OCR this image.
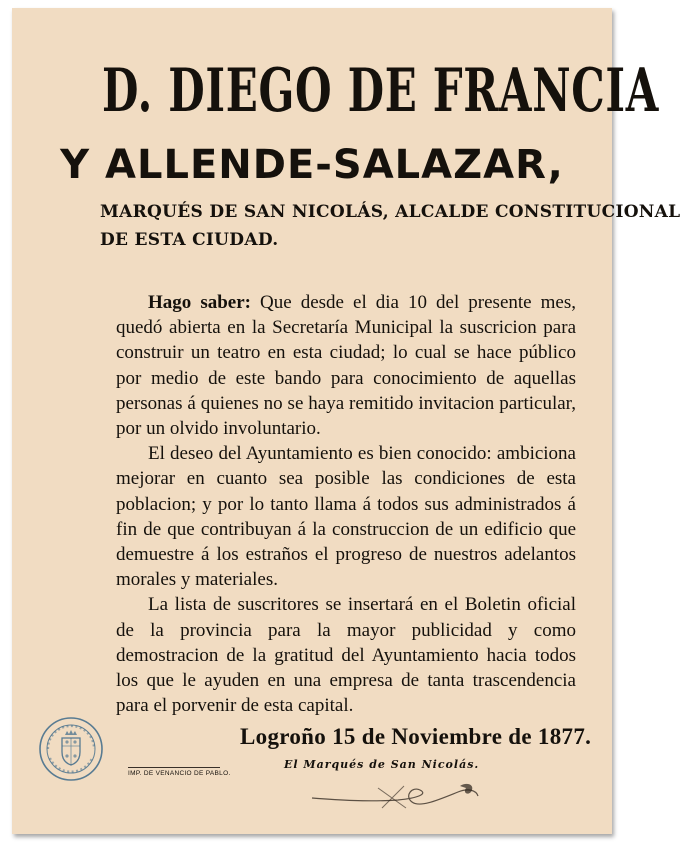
D. DIEGO DE FRANCIA
Y ALLENDE-SALAZAR,
MARQUÉS DE SAN NICOLÁS, ALCALDE CONSTITUCIONAL
DE ESTA CIUDAD.

Hago saber: Que desde el dia 10 del presente mes, quedó abierta en la Secretaría Municipal la suscricion para construir un teatro en esta ciudad; lo cual se hace público por medio de este bando para conocimiento de aquellas personas á quienes no se haya remitido invitacion particular, por un olvido involuntario.

El deseo del Ayuntamiento es bien conocido: ambiciona mejorar en cuanto sea posible las condiciones de esta poblacion; y por lo tanto llama á todos sus administrados á fin de que contribuyan á la construccion de un edificio que demuestre á los estraños el progreso de nuestros adelantos morales y materiales.

La lista de suscritores se insertará en el Boletin oficial de la provincia para la mayor publicidad y como demostracion de la gratitud del Ayuntamiento hacia todos los que le ayuden en una empresa de tanta trascendencia para el porvenir de esta capital.

Logroño 15 de Noviembre de 1877.
El Marqués de San Nicolás.
IMP. DE VENANCIO DE PABLO.
